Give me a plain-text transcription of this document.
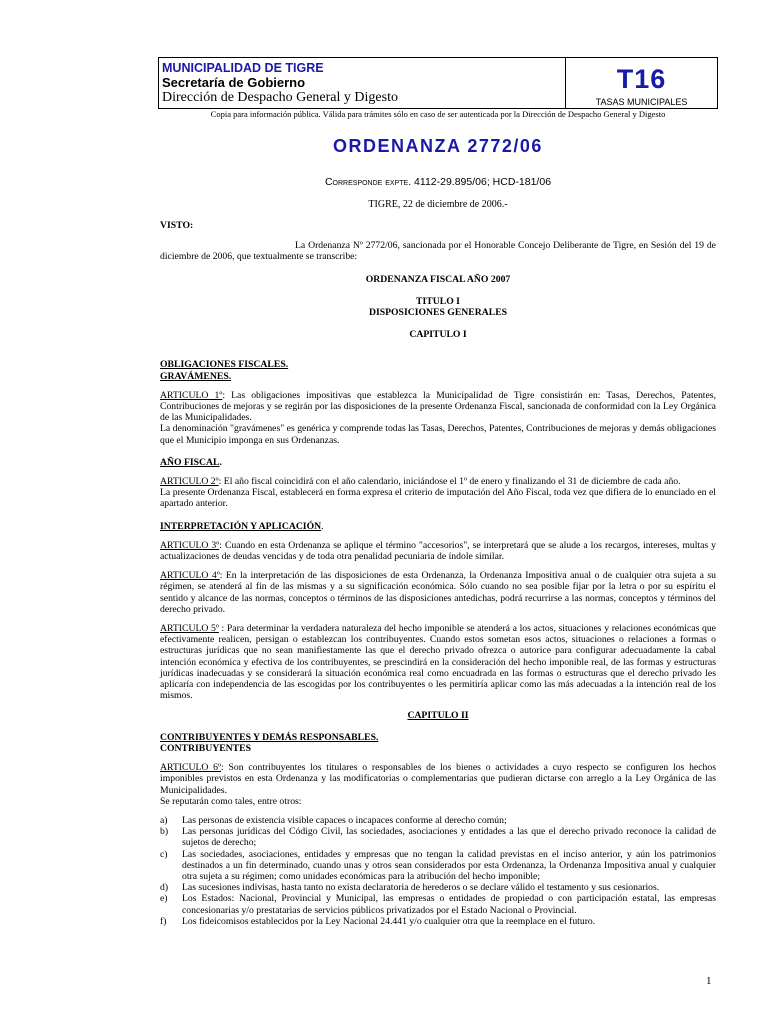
MUNICIPALIDAD DE TIGRE

Secretaría de Gobierno

Dirección de Despacho General y Digesto

T16
TASAS MUNICIPALES
Copia para información pública. Válida para trámites sólo en caso de ser autenticada por la Dirección de Despacho General y Digesto
ORDENANZA 2772/06
Corresponde expte. 4112-29.895/06; HCD-181/06
TIGRE, 22 de diciembre de 2006.-

VISTO:

La Ordenanza Nº 2772/06, sancionada por el Honorable Concejo Deliberante de Tigre, en Sesión del 19 de diciembre de 2006, que textualmente se transcribe:

ORDENANZA FISCAL AÑO 2007

TITULO I

DISPOSICIONES GENERALES

CAPITULO I

OBLIGACIONES FISCALES.

GRAVÁMENES.

ARTICULO 1º: Las obligaciones impositivas que establezca la Municipalidad de Tigre consistirán en: Tasas, Derechos, Patentes, Contribuciones de mejoras y se regirán por las disposiciones de la presente Ordenanza Fiscal, sancionada de conformidad con la Ley Orgánica de las Municipalidades.

La denominación "gravámenes" es genérica y comprende todas las Tasas, Derechos, Patentes, Contribuciones de mejoras y demás obligaciones que el Municipio imponga en sus Ordenanzas.

AÑO FISCAL.

ARTICULO 2º: El año fiscal coincidirá con el año calendario, iniciándose el 1º de enero y finalizando el 31 de diciembre de cada año.

La presente Ordenanza Fiscal, establecerá en forma expresa el criterio de imputación del Año Fiscal, toda vez que difiera de lo enunciado en el apartado anterior.

INTERPRETACIÓN Y APLICACIÓN.

ARTICULO 3º: Cuando en esta Ordenanza se aplique el término "accesorios", se interpretará que se alude a los recargos, intereses, multas y actualizaciones de deudas vencidas y de toda otra penalidad pecuniaria de índole similar.

ARTICULO 4º: En la interpretación de las disposiciones de esta Ordenanza, la Ordenanza Impositiva anual o de cualquier otra sujeta a su régimen, se atenderá al fin de las mismas y a su significación económica. Sólo cuando no sea posible fijar por la letra o por su espíritu el sentido y alcance de las normas, conceptos o términos de las disposiciones antedichas, podrá recurrirse a las normas, conceptos y términos del derecho privado.

ARTICULO 5º : Para determinar la verdadera naturaleza del hecho imponible se atenderá a los actos, situaciones y relaciones económicas que efectivamente realicen, persigan o establezcan los contribuyentes. Cuando estos sometan esos actos, situaciones o relaciones a formas o estructuras jurídicas que no sean manifiestamente las que el derecho privado ofrezca o autorice para configurar adecuadamente la cabal intención económica y efectiva de los contribuyentes, se prescindirá en la consideración del hecho imponible real, de las formas y estructuras jurídicas inadecuadas y se considerará la situación económica real como encuadrada en las formas o estructuras que el derecho privado les aplicaría con independencia de las escogidas por los contribuyentes o les permitiría aplicar como las más adecuadas a la intención real de los mismos.

CAPITULO II

CONTRIBUYENTES Y DEMÁS RESPONSABLES.

CONTRIBUYENTES

ARTICULO 6º: Son contribuyentes los titulares o responsables de los bienes o actividades a cuyo respecto se configuren los hechos imponibles previstos en esta Ordenanza y las modificatorias o complementarias que pudieran dictarse con arreglo a la Ley Orgánica de las Municipalidades.

Se reputarán como tales, entre otros:

a) Las personas de existencia visible capaces o incapaces conforme al derecho común;
b) Las personas jurídicas del Código Civil, las sociedades, asociaciones y entidades a las que el derecho privado reconoce la calidad de sujetos de derecho;
c) Las sociedades, asociaciones, entidades y empresas que no tengan la calidad previstas en el inciso anterior, y aún los patrimonios destinados a un fin determinado, cuando unas y otros sean considerados por esta Ordenanza, la Ordenanza Impositiva anual y cualquier otra sujeta a su régimen; como unidades económicas para la atribución del hecho imponible;
d) Las sucesiones indivisas, hasta tanto no exista declaratoria de herederos o se declare válido el testamento y sus cesionarios.
e) Los Estados: Nacional, Provincial y Municipal, las empresas o entidades de propiedad o con participación estatal, las empresas concesionarias y/o prestatarias de servicios públicos privatizados por el Estado Nacional o Provincial.
f) Los fideicomisos establecidos por la Ley Nacional 24.441 y/o cualquier otra que la reemplace en el futuro.
1
